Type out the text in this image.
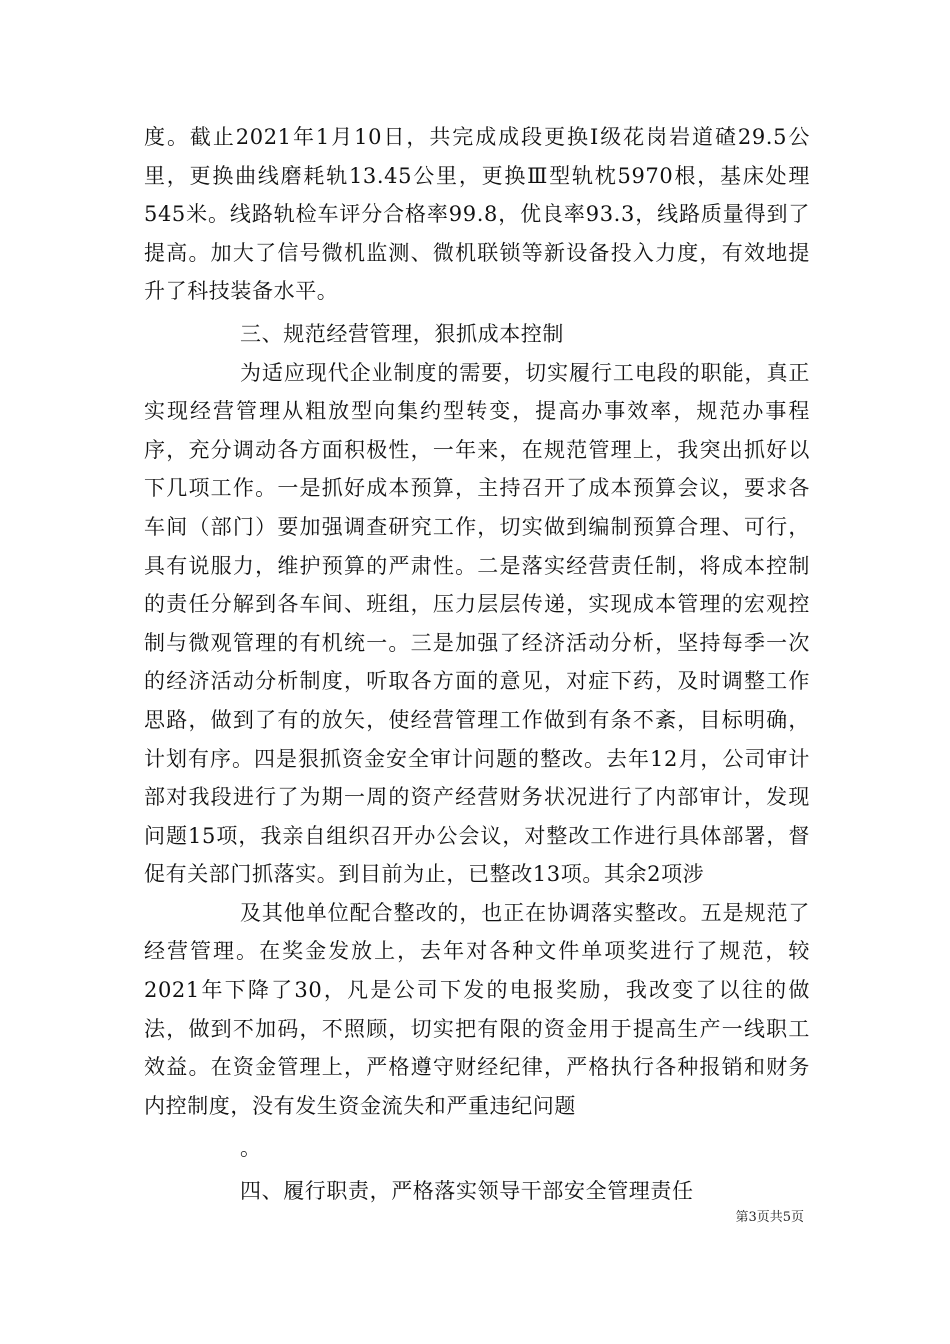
度。截止2021年1月10日，共完成成段更换Ⅰ级花岗岩道碴29.5公里，更换曲线磨耗轨13.45公里，更换Ⅲ型轨枕5970根，基床处理545米。线路轨检车评分合格率99.8，优良率93.3，线路质量得到了提高。加大了信号微机监测、微机联锁等新设备投入力度，有效地提升了科技装备水平。

三、规范经营管理，狠抓成本控制

为适应现代企业制度的需要，切实履行工电段的职能，真正实现经营管理从粗放型向集约型转变，提高办事效率，规范办事程序，充分调动各方面积极性，一年来，在规范管理上，我突出抓好以下几项工作。一是抓好成本预算，主持召开了成本预算会议，要求各车间（部门）要加强调查研究工作，切实做到编制预算合理、可行，具有说服力，维护预算的严肃性。二是落实经营责任制，将成本控制的责任分解到各车间、班组，压力层层传递，实现成本管理的宏观控制与微观管理的有机统一。三是加强了经济活动分析，坚持每季一次的经济活动分析制度，听取各方面的意见，对症下药，及时调整工作思路，做到了有的放矢，使经营管理工作做到有条不紊，目标明确，计划有序。四是狠抓资金安全审计问题的整改。去年12月，公司审计部对我段进行了为期一周的资产经营财务状况进行了内部审计，发现问题15项，我亲自组织召开办公会议，对整改工作进行具体部署，督促有关部门抓落实。到目前为止，已整改13项。其余2项涉

及其他单位配合整改的，也正在协调落实整改。五是规范了经营管理。在奖金发放上，去年对各种文件单项奖进行了规范，较2021年下降了30，凡是公司下发的电报奖励，我改变了以往的做法，做到不加码，不照顾，切实把有限的资金用于提高生产一线职工效益。在资金管理上，严格遵守财经纪律，严格执行各种报销和财务内控制度，没有发生资金流失和严重违纪问题

。

四、履行职责，严格落实领导干部安全管理责任

第3页共5页
